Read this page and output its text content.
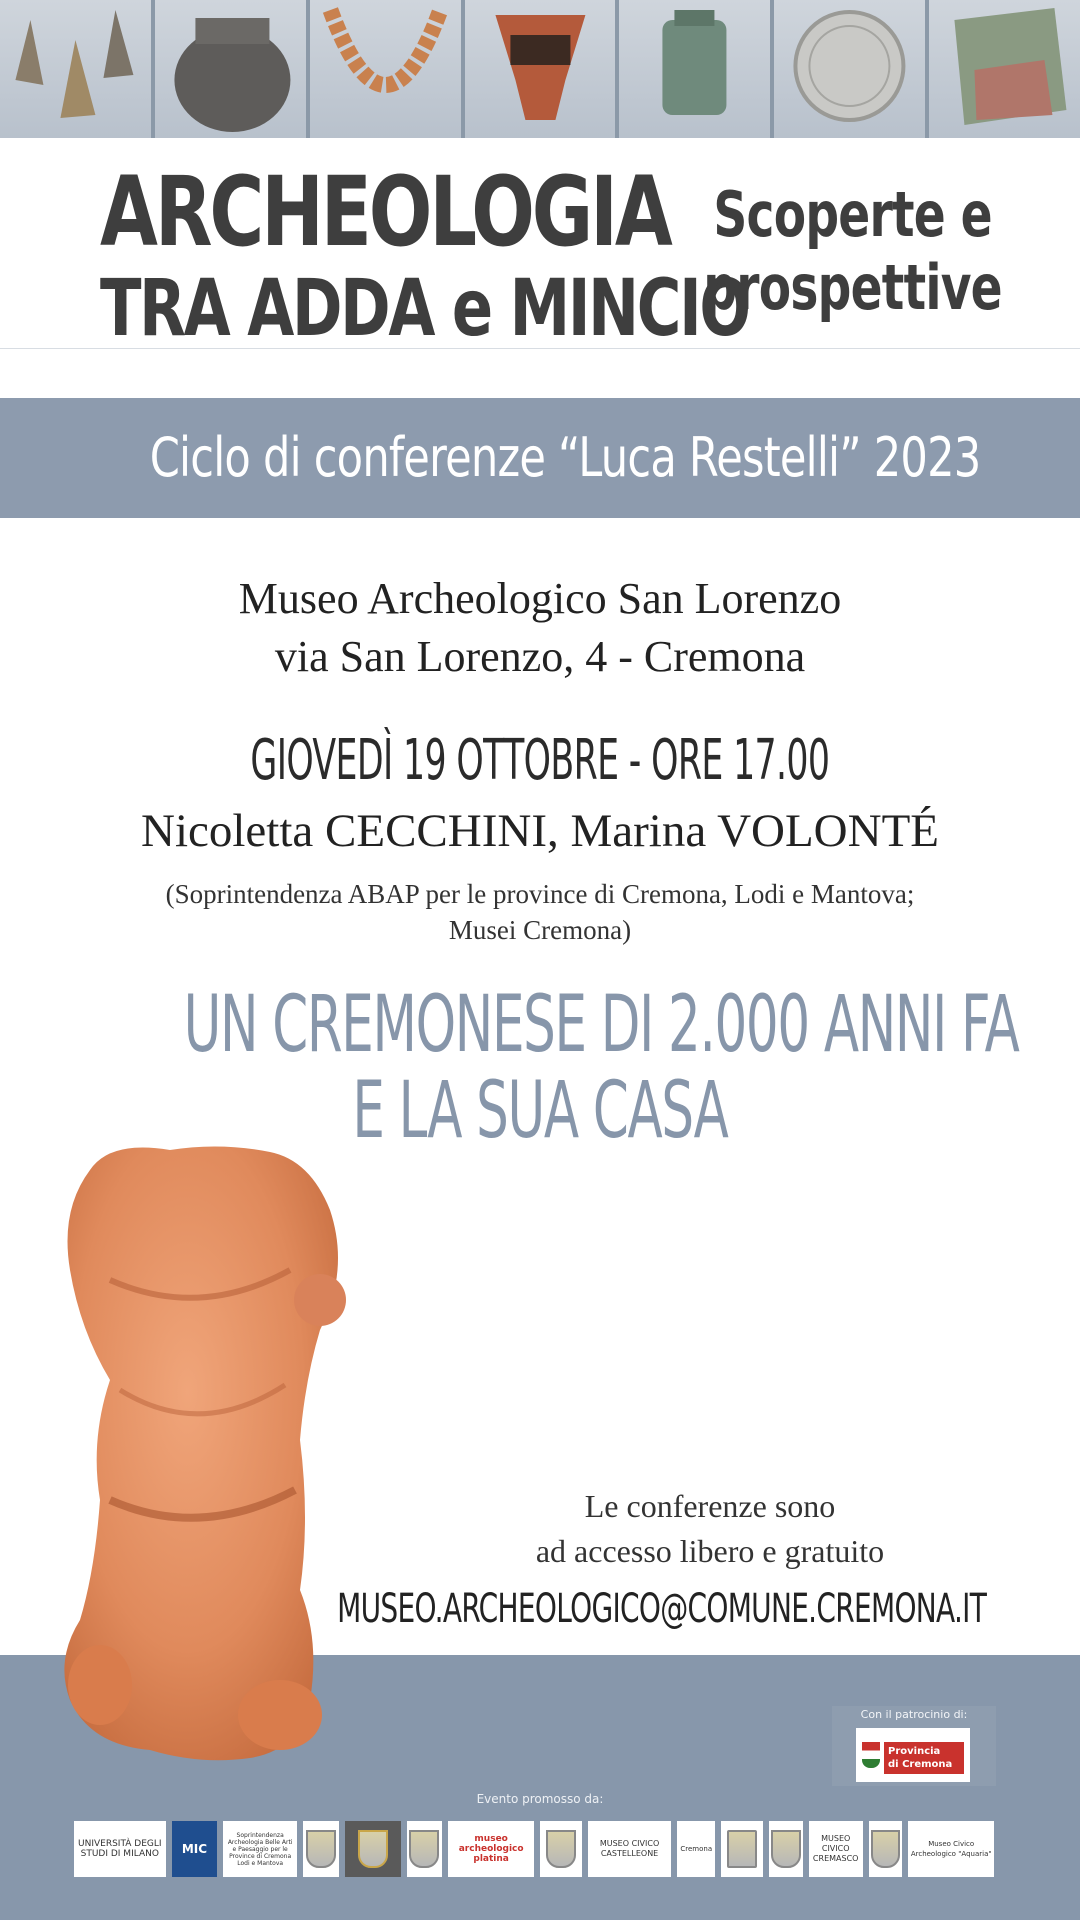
ARCHEOLOGIA
TRA ADDA e MINCIO
Scoperte e
prospettive
Ciclo di conferenze “Luca Restelli” 2023
Museo Archeologico San Lorenzo
via San Lorenzo, 4 - Cremona
GIOVEDÌ 19 OTTOBRE - ORE 17.00
Nicoletta CECCHINI, Marina VOLONTÉ
(Soprintendenza ABAP per le province di Cremona, Lodi e Mantova;
Musei Cremona)
UN CREMONESE DI 2.000 ANNI FA
E LA SUA CASA
Le conferenze sono
ad accesso libero e gratuito
MUSEO.ARCHEOLOGICO@COMUNE.CREMONA.IT
Con il patrocinio di:
Provincia
di Cremona
Evento promosso da:
UNIVERSITÀ DEGLI STUDI DI MILANO	MIC
Soprintendenza Archeologia Belle Arti e Paesaggio per le Province di Cremona Lodi e Mantova
museo archeologico platina
MUSEO CIVICO CASTELLEONE	Cremona
MUSEO CIVICO CREMASCO
Museo Civico Archeologico "Aquaria"
